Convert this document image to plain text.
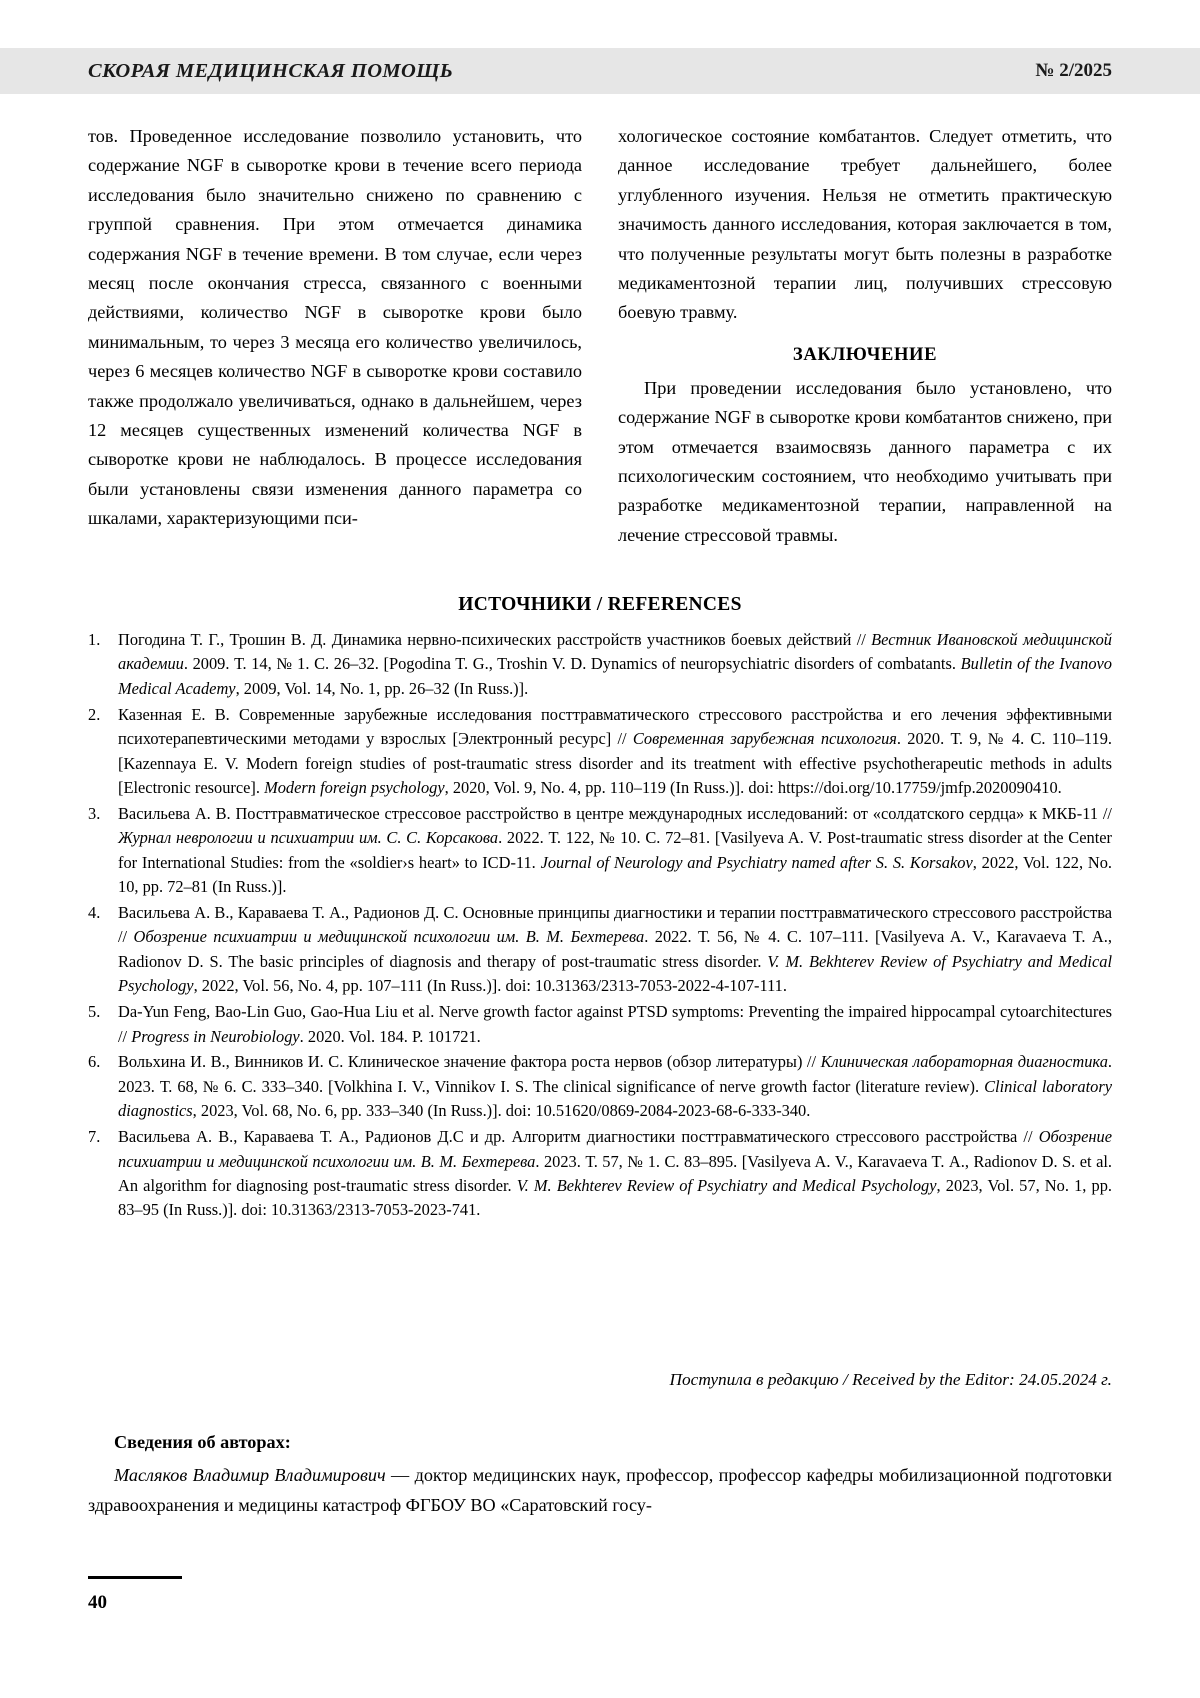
СКОРАЯ МЕДИЦИНСКАЯ ПОМОЩЬ	№ 2/2025

тов. Проведенное исследование позволило установить, что содержание NGF в сыворотке крови в течение всего периода исследования было значительно снижено по сравнению с группой сравнения. При этом отмечается динамика содержания NGF в течение времени. В том случае, если через месяц после окончания стресса, связанного с военными действиями, количество NGF в сыворотке крови было минимальным, то через 3 месяца его количество увеличилось, через 6 месяцев количество NGF в сыворотке крови составило также продолжало увеличиваться, однако в дальнейшем, через 12 месяцев существенных изменений количества NGF в сыворотке крови не наблюдалось. В процессе исследования были установлены связи изменения данного параметра со шкалами, характеризующими пси-

хологическое состояние комбатантов. Следует отметить, что данное исследование требует дальнейшего, более углубленного изучения. Нельзя не отметить практическую значимость данного исследования, которая заключается в том, что полученные результаты могут быть полезны в разработке медикаментозной терапии лиц, получивших стрессовую боевую травму.

ЗАКЛЮЧЕНИЕ

При проведении исследования было установлено, что содержание NGF в сыворотке крови комбатантов снижено, при этом отмечается взаимосвязь данного параметра с их психологическим состоянием, что необходимо учитывать при разработке медикаментозной терапии, направленной на лечение стрессовой травмы.

ИСТОЧНИКИ / REFERENCES
1.	Погодина Т. Г., Трошин В. Д. Динамика нервно-психических расстройств участников боевых действий // Вестник Ивановской медицинской академии. 2009. Т. 14, № 1. С. 26–32. [Pogodina T. G., Troshin V. D. Dynamics of neuropsychiatric disorders of combatants. Bulletin of the Ivanovo Medical Academy, 2009, Vol. 14, No. 1, pp. 26–32 (In Russ.)].
2.	Казенная Е. В. Современные зарубежные исследования посттравматического стрессового расстройства и его лечения эффективными психотерапевтическими методами у взрослых [Электронный ресурс] // Современная зарубежная психология. 2020. Т. 9, № 4. С. 110–119. [Kazennaya E. V. Modern foreign studies of post-traumatic stress disorder and its treatment with effective psychotherapeutic methods in adults [Electronic resource]. Modern foreign psychology, 2020, Vol. 9, No. 4, pp. 110–119 (In Russ.)]. doi: https://doi.org/10.17759/jmfp.2020090410.
3.	Васильева А. В. Посттравматическое стрессовое расстройство в центре международных исследований: от «солдатского сердца» к МКБ-11 // Журнал неврологии и психиатрии им. С. С. Корсакова. 2022. Т. 122, № 10. С. 72–81. [Vasilyeva A. V. Post-traumatic stress disorder at the Center for International Studies: from the «soldier›s heart» to ICD-11. Journal of Neurology and Psychiatry named after S. S. Korsakov, 2022, Vol. 122, No. 10, pp. 72–81 (In Russ.)].
4.	Васильева А. В., Караваева Т. А., Радионов Д. С. Основные принципы диагностики и терапии посттравматического стрессового расстройства // Обозрение психиатрии и медицинской психологии им. В. М. Бехтерева. 2022. Т. 56, № 4. С. 107–111. [Vasilyeva A. V., Karavaeva T. A., Radionov D. S. The basic principles of diagnosis and therapy of post-traumatic stress disorder. V. M. Bekhterev Review of Psychiatry and Medical Psychology, 2022, Vol. 56, No. 4, pp. 107–111 (In Russ.)]. doi: 10.31363/2313-7053-2022-4-107-111.
5.	Da-Yun Feng, Bao-Lin Guo, Gao-Hua Liu et al. Nerve growth factor against PTSD symptoms: Preventing the impaired hippocampal cytoarchitectures // Progress in Neurobiology. 2020. Vol. 184. P. 101721.
6.	Вольхина И. В., Винников И. С. Клиническое значение фактора роста нервов (обзор литературы) // Клиническая лабораторная диагностика. 2023. Т. 68, № 6. С. 333–340. [Volkhina I. V., Vinnikov I. S. The clinical significance of nerve growth factor (literature review). Clinical laboratory diagnostics, 2023, Vol. 68, No. 6, pp. 333–340 (In Russ.)]. doi: 10.51620/0869-2084-2023-68-6-333-340.
7.	Васильева А. В., Караваева Т. А., Радионов Д.С и др. Алгоритм диагностики посттравматического стрессового расстройства // Обозрение психиатрии и медицинской психологии им. В. М. Бехтерева. 2023. Т. 57, № 1. С. 83–895. [Vasilyeva A. V., Karavaeva T. A., Radionov D. S. et al. An algorithm for diagnosing post-traumatic stress disorder. V. M. Bekhterev Review of Psychiatry and Medical Psychology, 2023, Vol. 57, No. 1, pp. 83–95 (In Russ.)]. doi: 10.31363/2313-7053-2023-741.
Поступила в редакцию / Received by the Editor: 24.05.2024 г.
Сведения об авторах:
Масляков Владимир Владимирович — доктор медицинских наук, профессор, профессор кафедры мобилизационной подготовки здравоохранения и медицины катастроф ФГБОУ ВО «Саратовский госу-
40
